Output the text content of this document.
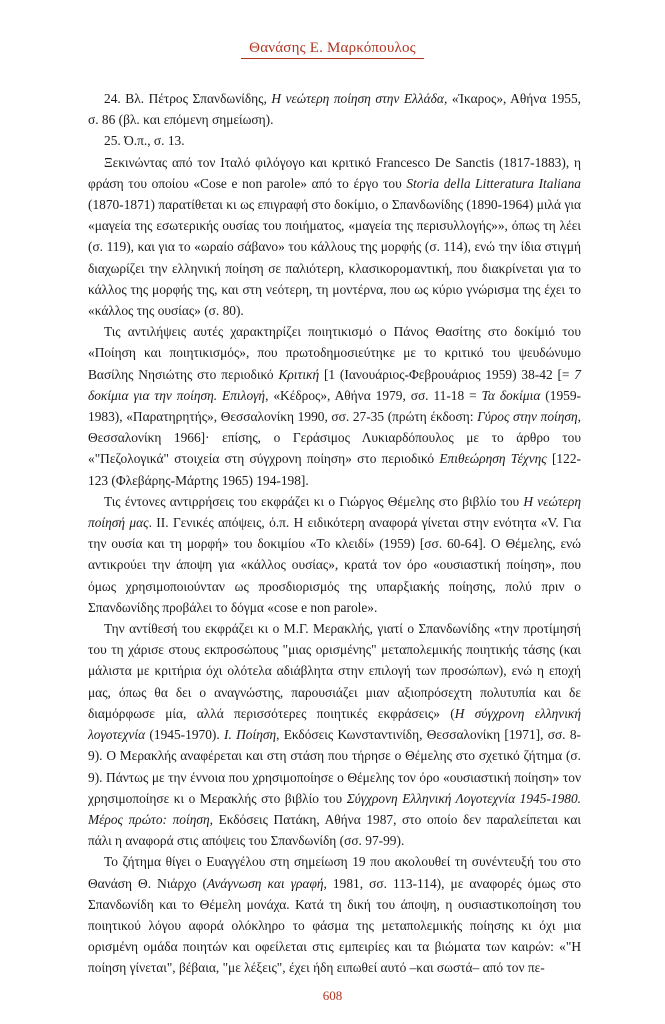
Θανάσης Ε. Μαρκόπουλος

24. Βλ. Πέτρος Σπανδωνίδης, Η νεώτερη ποίηση στην Ελλάδα, «Ίκαρος», Αθήνα 1955, σ. 86 (βλ. και επόμενη σημείωση).

25. Ό.π., σ. 13.

Ξεκινώντας από τον Ιταλό φιλόγογο και κριτικό Francesco De Sanctis (1817-1883), η φράση του οποίου «Cose e non parole» από το έργο του Storia della Litteratura Italiana (1870-1871) παρατίθεται κι ως επιγραφή στο δοκίμιο, ο Σπανδωνίδης (1890-1964) μιλά για «μαγεία της εσωτερικής ουσίας του ποιήματος, «μαγεία της περισυλλογής»», όπως τη λέει (σ. 119), και για το «ωραίο σάβανο» του κάλλους της μορφής (σ. 114), ενώ την ίδια στιγμή διαχωρίζει την ελληνική ποίηση σε παλιότερη, κλασικορομαντική, που διακρίνεται για το κάλλος της μορφής της, και στη νεότερη, τη μοντέρνα, που ως κύριο γνώρισμα της έχει το «κάλλος της ουσίας» (σ. 80).

Τις αντιλήψεις αυτές χαρακτηρίζει ποιητικισμό ο Πάνος Θασίτης στο δοκίμιό του «Ποίηση και ποιητικισμός», που πρωτοδημοσιεύτηκε με το κριτικό του ψευδώνυμο Βασίλης Νησιώτης στο περιοδικό Κριτική [1 (Ιανουάριος-Φεβρουάριος 1959) 38-42 [= 7 δοκίμια για την ποίηση. Επιλογή, «Κέδρος», Αθήνα 1979, σσ. 11-18 = Τα δοκίμια (1959-1983), «Παρατηρητής», Θεσσαλονίκη 1990, σσ. 27-35 (πρώτη έκδοση: Γύρος στην ποίηση, Θεσσαλονίκη 1966]· επίσης, ο Γεράσιμος Λυκιαρδόπουλος με το άρθρο του «"Πεζολογικά" στοιχεία στη σύγχρονη ποίηση» στο περιοδικό Επιθεώρηση Τέχνης [122-123 (Φλεβάρης-Μάρτης 1965) 194-198].

Τις έντονες αντιρρήσεις του εκφράζει κι ο Γιώργος Θέμελης στο βιβλίο του Η νεώτερη ποίησή μας. ΙΙ. Γενικές απόψεις, ό.π. Η ειδικότερη αναφορά γίνεται στην ενότητα «V. Για την ουσία και τη μορφή» του δοκιμίου «Το κλειδί» (1959) [σσ. 60-64]. Ο Θέμελης, ενώ αντικρούει την άποψη για «κάλλος ουσίας», κρατά τον όρο «ουσιαστική ποίηση», που όμως χρησιμοποιούνταν ως προσδιορισμός της υπαρξιακής ποίησης, πολύ πριν ο Σπανδωνίδης προβάλει το δόγμα «cose e non parole».

Την αντίθεσή του εκφράζει κι ο Μ.Γ. Μερακλής, γιατί ο Σπανδωνίδης «την προτίμησή του τη χάρισε στους εκπροσώπους "μιας ορισμένης" μεταπολεμικής ποιητικής τάσης (και μάλιστα με κριτήρια όχι ολότελα αδιάβλητα στην επιλογή των προσώπων), ενώ η εποχή μας, όπως θα δει ο αναγνώστης, παρουσιάζει μιαν αξιοπρόσεχτη πολυτυπία και δε διαμόρφωσε μία, αλλά περισσότερες ποιητικές εκφράσεις» (Η σύγχρονη ελληνική λογοτεχνία (1945-1970). Ι. Ποίηση, Εκδόσεις Κωνσταντινίδη, Θεσσαλονίκη [1971], σσ. 8-9). Ο Μερακλής αναφέρεται και στη στάση που τήρησε ο Θέμελης στο σχετικό ζήτημα (σ. 9). Πάντως με την έννοια που χρησιμοποίησε ο Θέμελης τον όρο «ουσιαστική ποίηση» τον χρησιμοποίησε κι ο Μερακλής στο βιβλίο του Σύγχρονη Ελληνική Λογοτεχνία 1945-1980. Μέρος πρώτο: ποίηση, Εκδόσεις Πατάκη, Αθήνα 1987, στο οποίο δεν παραλείπεται και πάλι η αναφορά στις απόψεις του Σπανδωνίδη (σσ. 97-99).

Το ζήτημα θίγει ο Ευαγγέλου στη σημείωση 19 που ακολουθεί τη συνέντευξή του στο Θανάση Θ. Νιάρχο (Ανάγνωση και γραφή, 1981, σσ. 113-114), με αναφορές όμως στο Σπανδωνίδη και το Θέμελη μονάχα. Κατά τη δική του άποψη, η ουσιαστικοποίηση του ποιητικού λόγου αφορά ολόκληρο το φάσμα της μεταπολεμικής ποίησης κι όχι μια ορισμένη ομάδα ποιητών και οφείλεται στις εμπειρίες και τα βιώματα των καιρών: «"Η ποίηση γίνεται", βέβαια, "με λέξεις", έχει ήδη ειπωθεί αυτό –και σωστά– από τον πε-

608
